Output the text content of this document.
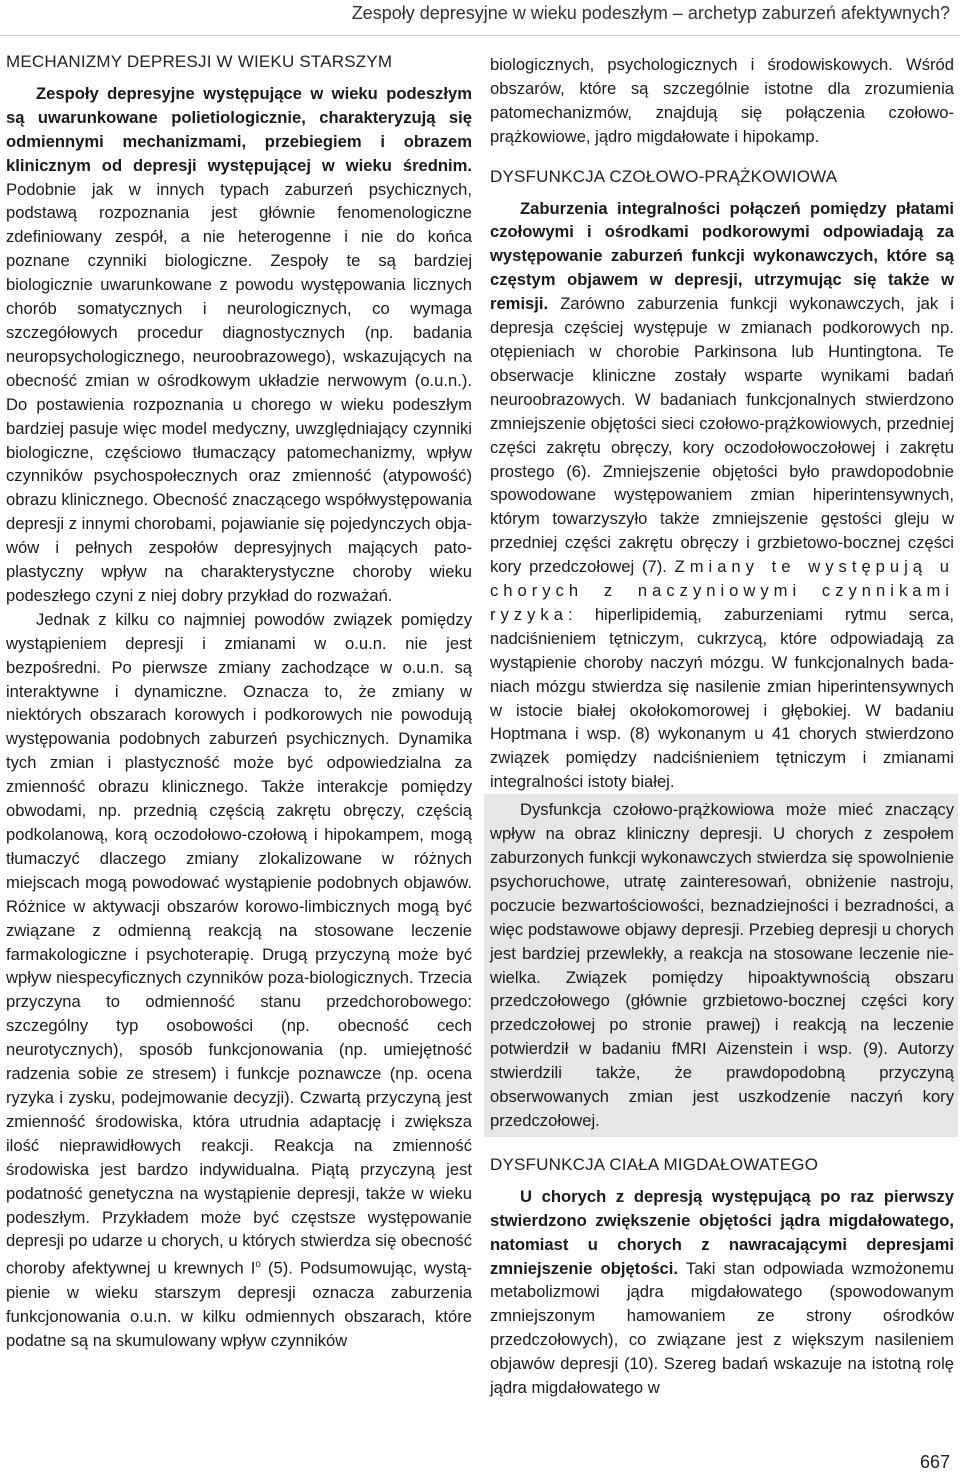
Zespoły depresyjne w wieku podeszłym – archetyp zaburzeń afektywnych?

MECHANIZMY DEPRESJI W WIEKU STARSZYM

Zespoły depresyjne występujące w wieku podeszłym są uwarunkowane polietiologicznie, charakteryzują się odmiennymi mechanizmami, przebiegiem i obrazem klinicznym od depresji występującej w wieku średnim. Podobnie jak w innych typach zaburzeń psychicznych, podstawą rozpoznania jest głównie fenomenologiczne zdefiniowany zespół, a nie heterogenne i nie do końca poznane czynniki biologiczne. Zespoły te są bardziej biologicznie uwarunkowane z powodu występowania licznych chorób somatycznych i neurologicznych, co wymaga szczegółowych procedur diagnostycznych (np. badania neuropsychologicznego, neuroobrazowego), wskazujących na obecność zmian w ośrodkowym układzie nerwowym (o.u.n.). Do postawienia rozpoznania u chorego w wieku podeszłym bardziej pasuje więc model medyczny, uwzględniający czynniki biologiczne, częściowo tłumaczący patomechanizmy, wpływ czynników psychospołecznych oraz zmienność (atypowość) obrazu klinicznego. Obecność znaczącego współwystępowania depresji z innymi chorobami, pojawianie się pojedynczych objawów i pełnych zespołów depresyjnych mających patoplastyczny wpływ na charakterystyczne choroby wieku podeszłego czyni z niej dobry przykład do rozważań.

Jednak z kilku co najmniej powodów związek pomiędzy wystąpieniem depresji i zmianami w o.u.n. nie jest bezpośredni. Po pierwsze zmiany zachodzące w o.u.n. są interaktywne i dynamiczne. Oznacza to, że zmiany w niektórych obszarach korowych i podkorowych nie powodują występowania podobnych zaburzeń psychicznych. Dynamika tych zmian i plastyczność może być odpowiedzialna za zmienność obrazu klinicznego. Także interakcje pomiędzy obwodami, np. przednią częścią zakrętu obręczy, częścią podkolanową, korą oczodołowo-czołową i hipokampem, mogą tłumaczyć dlaczego zmiany zlokalizowane w różnych miejscach mogą powodować wystąpienie podobnych objawów. Różnice w aktywacji obszarów korowo-limbicznych mogą być związane z odmienną reakcją na stosowane leczenie farmakologiczne i psychoterapię. Drugą przyczyną może być wpływ niespecyficznych czynników poza-biologicznych. Trzecia przyczyna to odmienność stanu przedchorobowego: szczególny typ osobowości (np. obecność cech neurotycznych), sposób funkcjonowania (np. umiejętność radzenia sobie ze stresem) i funkcje poznawcze (np. ocena ryzyka i zysku, podejmowanie decyzji). Czwartą przyczyną jest zmienność środowiska, która utrudnia adaptację i zwiększa ilość nieprawidłowych reakcji. Reakcja na zmienność środowiska jest bardzo indywidualna. Piątą przyczyną jest podatność genetyczna na wystąpienie depresji, także w wieku podeszłym. Przykładem może być częstsze występowanie depresji po udarze u chorych, u których stwierdza się obecność choroby afektywnej u krewnych $I^o$ (5). Podsumowując, wystąpienie w wieku starszym depresji oznacza zaburzenia funkcjonowania o.u.n. w kilku odmiennych obszarach, które podatne są na skumulowany wpływ czynników

biologicznych, psychologicznych i środowiskowych. Wśród obszarów, które są szczególnie istotne dla zrozumienia patomechanizmów, znajdują się połączenia czołowo-prążkowiowe, jądro migdałowate i hipokamp.

DYSFUNKCJA CZOŁOWO-PRĄŻKOWIOWA

Zaburzenia integralności połączeń pomiędzy płatami czołowymi i ośrodkami podkorowymi odpowiadają za występowanie zaburzeń funkcji wykonawczych, które są częstym objawem w depresji, utrzymując się także w remisji. Zarówno zaburzenia funkcji wykonawczych, jak i depresja częściej występuje w zmianach podkorowych np. otępieniach w chorobie Parkinsona lub Huntingtona. Te obserwacje kliniczne zostały wsparte wynikami badań neuroobrazowych. W badaniach funkcjonalnych stwierdzono zmniejszenie objętości sieci czołowo-prążkowiowych, przedniej części zakrętu obręczy, kory oczodołowoczołowej i zakrętu prostego (6). Zmniejszenie objętości było prawdopodobnie spowodowane występowaniem zmian hiperintensywnych, którym towarzyszyło także zmniejszenie gęstości gleju w przedniej części zakrętu obręczy i grzbietowo-bocznej części kory przedczołowej (7). Zmiany te występują u chorych z naczyniowymi czynnikami ryzyka: hiperlipidemią, zaburzeniami rytmu serca, nadciśnieniem tętniczym, cukrzycą, które odpowiadają za wystąpienie choroby naczyń mózgu. W funkcjonalnych badaniach mózgu stwierdza się nasilenie zmian hiperintensywnych w istocie białej okołokomorowej i głębokiej. W badaniu Hoptmana i wsp. (8) wykonanym u 41 chorych stwierdzono związek pomiędzy nadciśnieniem tętniczym i zmianami integralności istoty białej.

Dysfunkcja czołowo-prążkowiowa może mieć znaczący wpływ na obraz kliniczny depresji. U chorych z zespołem zaburzonych funkcji wykonawczych stwierdza się spowolnienie psychoruchowe, utratę zainteresowań, obniżenie nastroju, poczucie bezwartościowości, beznadziejności i bezradności, a więc podstawowe objawy depresji. Przebieg depresji u chorych jest bardziej przewlekły, a reakcja na stosowane leczenie niewielka. Związek pomiędzy hipoaktywnością obszaru przedczołowego (głównie grzbietowo-bocznej części kory przedczołowej po stronie prawej) i reakcją na leczenie potwierdził w badaniu fMRI Aizenstein i wsp. (9). Autorzy stwierdzili także, że prawdopodobną przyczyną obserwowanych zmian jest uszkodzenie naczyń kory przedczołowej.

DYSFUNKCJA CIAŁA MIGDAŁOWATEGO

U chorych z depresją występującą po raz pierwszy stwierdzono zwiększenie objętości jądra migdałowatego, natomiast u chorych z nawracającymi depresjami zmniejszenie objętości. Taki stan odpowiada wzmożonemu metabolizmowi jądra migdałowatego (spowodowanym zmniejszonym hamowaniem ze strony ośrodków przedczołowych), co związane jest z większym nasileniem objawów depresji (10). Szereg badań wskazuje na istotną rolę jądra migdałowatego w

667
